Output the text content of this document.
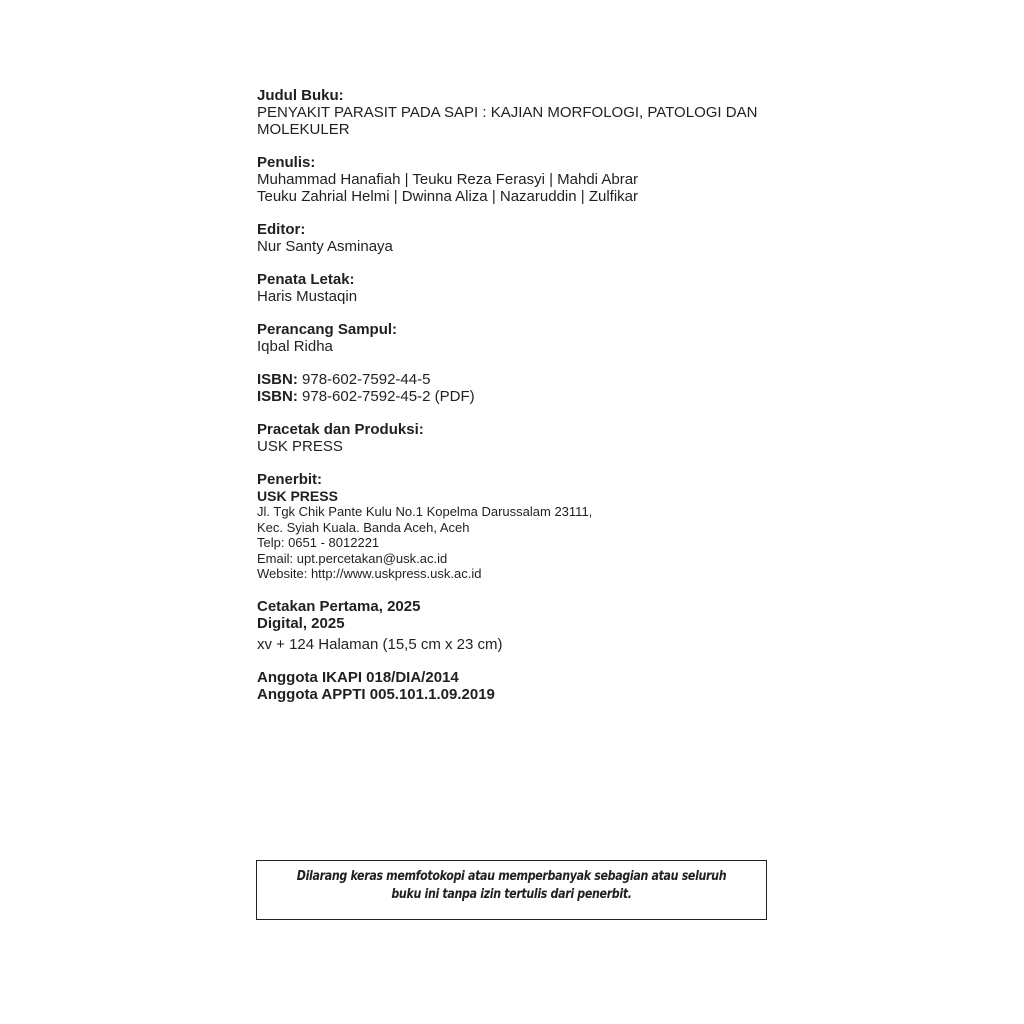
Judul Buku:
PENYAKIT PARASIT PADA SAPI : KAJIAN MORFOLOGI, PATOLOGI DAN MOLEKULER
Penulis:
Muhammad Hanafiah | Teuku Reza Ferasyi | Mahdi Abrar
Teuku Zahrial Helmi | Dwinna Aliza | Nazaruddin | Zulfikar
Editor:
Nur Santy Asminaya
Penata Letak:
Haris Mustaqin
Perancang Sampul:
Iqbal Ridha
ISBN: 978-602-7592-44-5
ISBN: 978-602-7592-45-2 (PDF)
Pracetak dan Produksi:
USK PRESS
Penerbit:
USK PRESS
Jl. Tgk Chik Pante Kulu No.1 Kopelma Darussalam 23111,
Kec. Syiah Kuala. Banda Aceh, Aceh
Telp: 0651 - 8012221
Email: upt.percetakan@usk.ac.id
Website: http://www.uskpress.usk.ac.id
Cetakan Pertama, 2025
Digital, 2025
xv + 124 Halaman (15,5 cm x 23 cm)
Anggota IKAPI 018/DIA/2014
Anggota APPTI 005.101.1.09.2019
Dilarang keras memfotokopi atau memperbanyak sebagian atau seluruh
buku ini tanpa izin tertulis dari penerbit.
